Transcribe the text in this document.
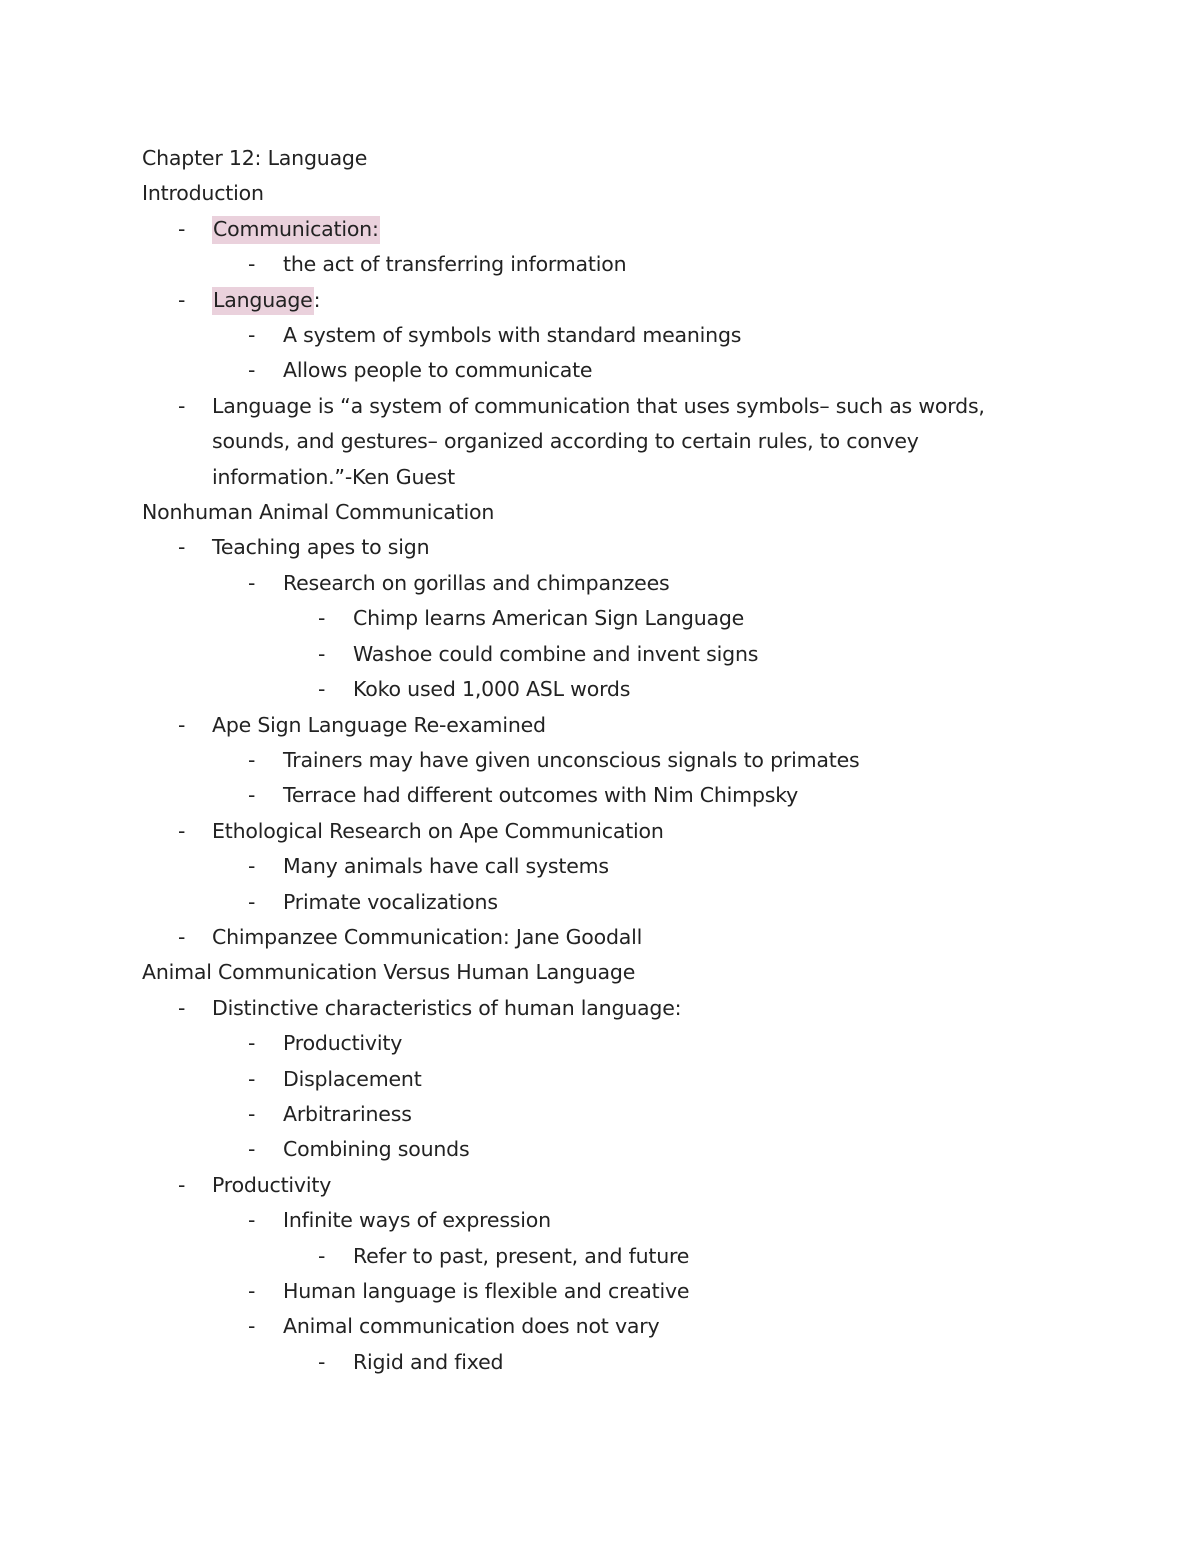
Chapter 12: Language
Introduction
- Communication:
- the act of transferring information
- Language:
- A system of symbols with standard meanings
- Allows people to communicate
- Language is “a system of communication that uses symbols– such as words, sounds, and gestures– organized according to certain rules, to convey information.”-Ken Guest
Nonhuman Animal Communication
- Teaching apes to sign
- Research on gorillas and chimpanzees
- Chimp learns American Sign Language
- Washoe could combine and invent signs
- Koko used 1,000 ASL words
- Ape Sign Language Re-examined
- Trainers may have given unconscious signals to primates
- Terrace had different outcomes with Nim Chimpsky
- Ethological Research on Ape Communication
- Many animals have call systems
- Primate vocalizations
- Chimpanzee Communication: Jane Goodall
Animal Communication Versus Human Language
- Distinctive characteristics of human language:
- Productivity
- Displacement
- Arbitrariness
- Combining sounds
- Productivity
- Infinite ways of expression
- Refer to past, present, and future
- Human language is flexible and creative
- Animal communication does not vary
- Rigid and fixed
